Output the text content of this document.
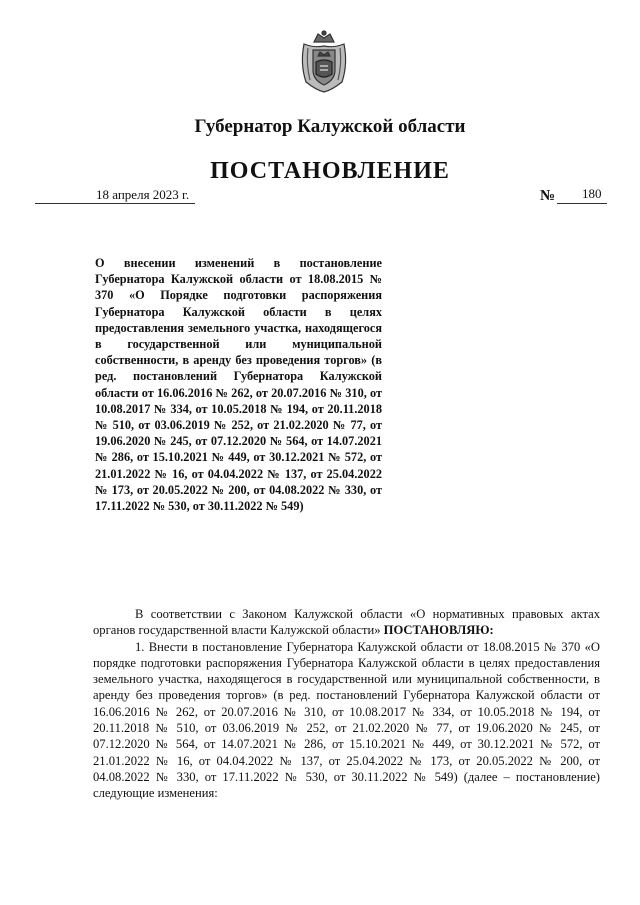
Губернатор Калужской области
ПОСТАНОВЛЕНИЕ
18 апреля 2023 г.	№ 180
О внесении изменений в постановление Губернатора Калужской области от 18.08.2015 № 370 «О Порядке подготовки распоряжения Губернатора Калужской области в целях предоставления земельного участка, находящегося в государственной или муниципальной собственности, в аренду без проведения торгов» (в ред. постановлений Губернатора Калужской области от 16.06.2016 № 262, от 20.07.2016 № 310, от 10.08.2017 № 334, от 10.05.2018 № 194, от 20.11.2018 № 510, от 03.06.2019 № 252, от 21.02.2020 № 77, от 19.06.2020 № 245, от 07.12.2020 № 564, от 14.07.2021 № 286, от 15.10.2021 № 449, от 30.12.2021 № 572, от 21.01.2022 № 16, от 04.04.2022 № 137, от 25.04.2022 № 173, от 20.05.2022 № 200, от 04.08.2022 № 330, от 17.11.2022 № 530, от 30.11.2022 № 549)

В соответствии с Законом Калужской области «О нормативных правовых актах органов государственной власти Калужской области» ПОСТАНОВЛЯЮ:

1. Внести в постановление Губернатора Калужской области от 18.08.2015 № 370 «О порядке подготовки распоряжения Губернатора Калужской области в целях предоставления земельного участка, находящегося в государственной или муниципальной собственности, в аренду без проведения торгов» (в ред. постановлений Губернатора Калужской области от 16.06.2016 № 262, от 20.07.2016 № 310, от 10.08.2017 № 334, от 10.05.2018 № 194, от 20.11.2018 № 510, от 03.06.2019 № 252, от 21.02.2020 № 77, от 19.06.2020 № 245, от 07.12.2020 № 564, от 14.07.2021 № 286, от 15.10.2021 № 449, от 30.12.2021 № 572, от 21.01.2022 № 16, от 04.04.2022 № 137, от 25.04.2022 № 173, от 20.05.2022 № 200, от 04.08.2022 № 330, от 17.11.2022 № 530, от 30.11.2022 № 549) (далее – постановление) следующие изменения:
